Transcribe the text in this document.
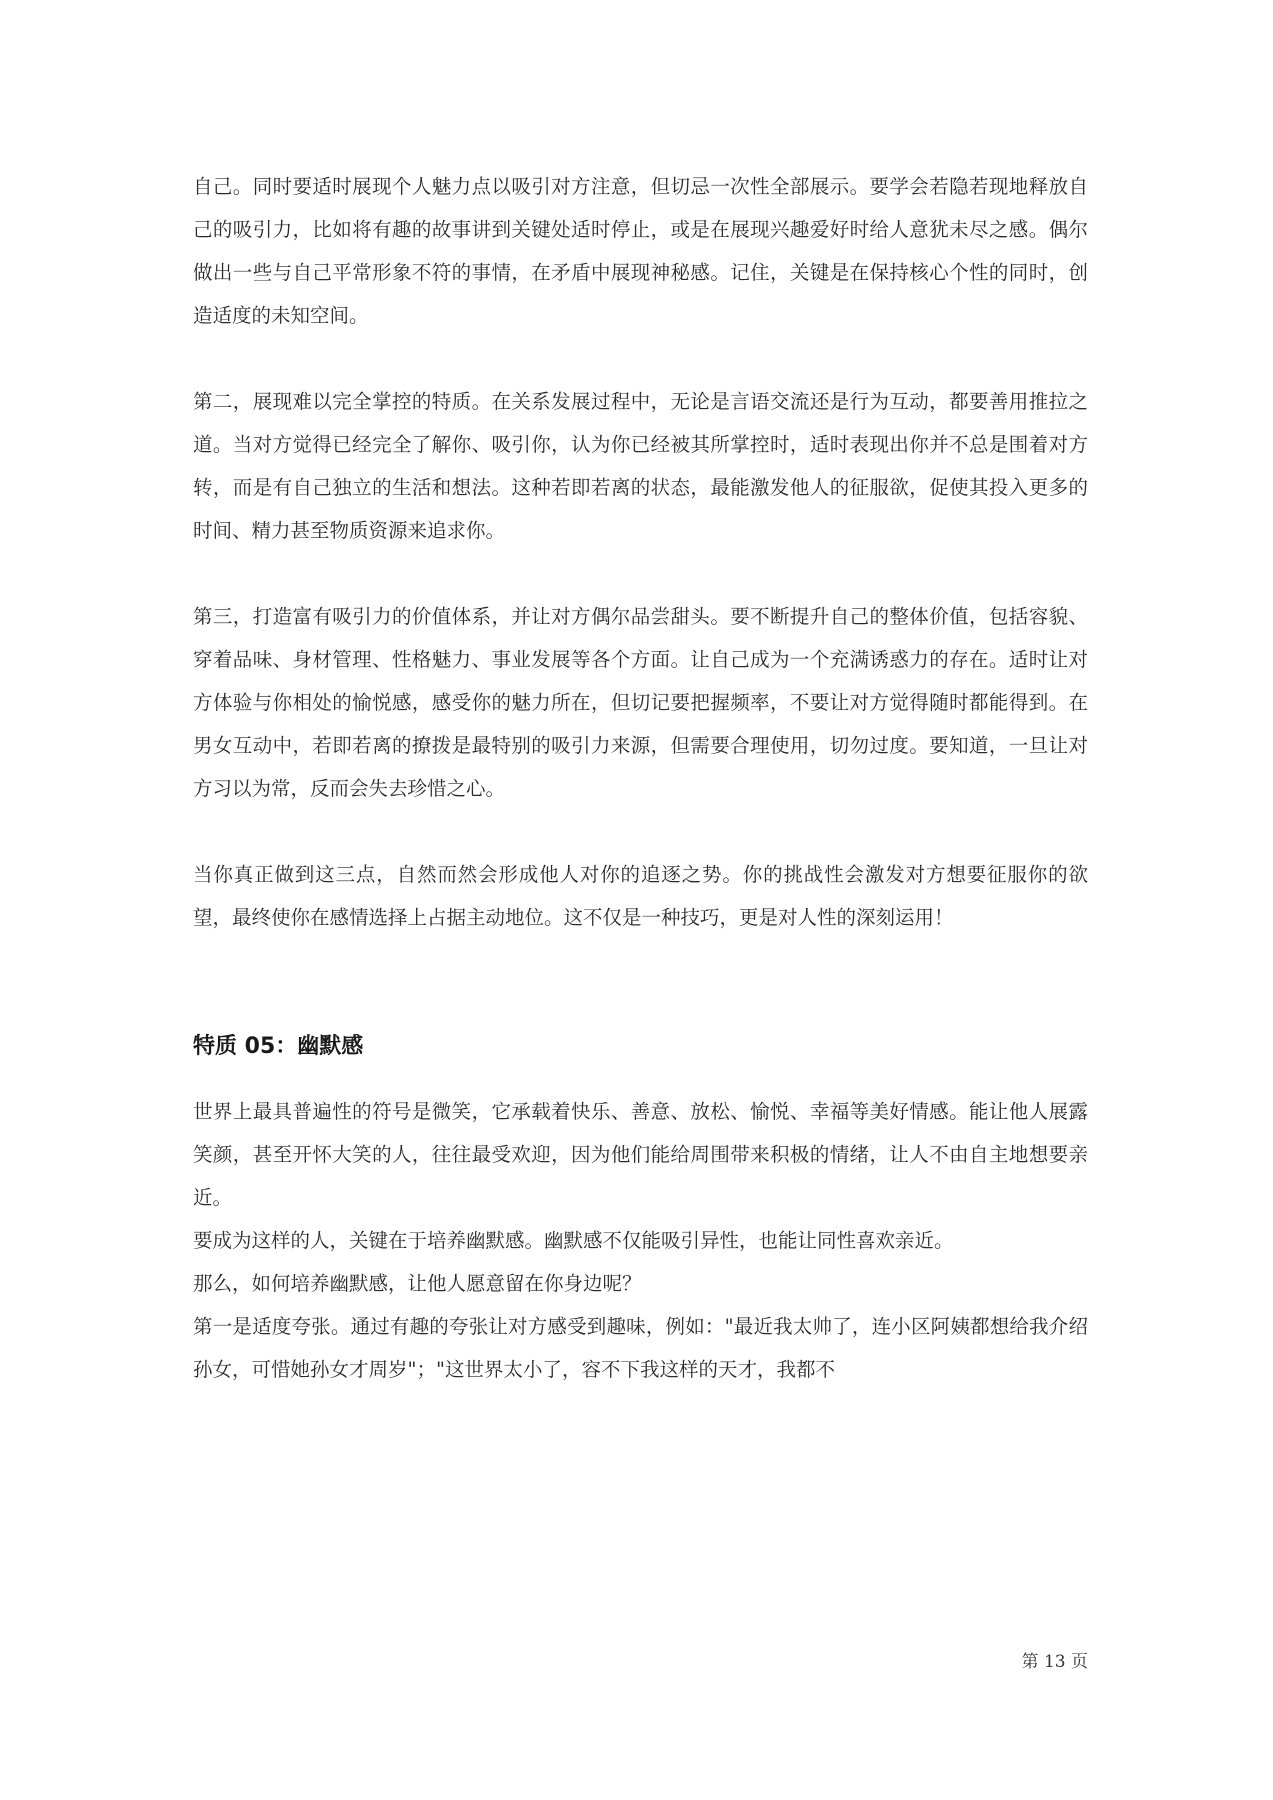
自己。同时要适时展现个人魅力点以吸引对方注意，但切忌一次性全部展示。要学会若隐若现地释放自己的吸引力，比如将有趣的故事讲到关键处适时停止，或是在展现兴趣爱好时给人意犹未尽之感。偶尔做出一些与自己平常形象不符的事情，在矛盾中展现神秘感。记住，关键是在保持核心个性的同时，创造适度的未知空间。

第二，展现难以完全掌控的特质。在关系发展过程中，无论是言语交流还是行为互动，都要善用推拉之道。当对方觉得已经完全了解你、吸引你，认为你已经被其所掌控时，适时表现出你并不总是围着对方转，而是有自己独立的生活和想法。这种若即若离的状态，最能激发他人的征服欲，促使其投入更多的时间、精力甚至物质资源来追求你。

第三，打造富有吸引力的价值体系，并让对方偶尔品尝甜头。要不断提升自己的整体价值，包括容貌、穿着品味、身材管理、性格魅力、事业发展等各个方面。让自己成为一个充满诱惑力的存在。适时让对方体验与你相处的愉悦感，感受你的魅力所在，但切记要把握频率，不要让对方觉得随时都能得到。在男女互动中，若即若离的撩拨是最特别的吸引力来源，但需要合理使用，切勿过度。要知道，一旦让对方习以为常，反而会失去珍惜之心。

当你真正做到这三点，自然而然会形成他人对你的追逐之势。你的挑战性会激发对方想要征服你的欲望，最终使你在感情选择上占据主动地位。这不仅是一种技巧，更是对人性的深刻运用！

特质 05：幽默感

世界上最具普遍性的符号是微笑，它承载着快乐、善意、放松、愉悦、幸福等美好情感。能让他人展露笑颜，甚至开怀大笑的人，往往最受欢迎，因为他们能给周围带来积极的情绪，让人不由自主地想要亲近。

要成为这样的人，关键在于培养幽默感。幽默感不仅能吸引异性，也能让同性喜欢亲近。

那么，如何培养幽默感，让他人愿意留在你身边呢？

第一是适度夸张。通过有趣的夸张让对方感受到趣味，例如："最近我太帅了，连小区阿姨都想给我介绍孙女，可惜她孙女才周岁"；"这世界太小了，容不下我这样的天才，我都不

第 13 页
